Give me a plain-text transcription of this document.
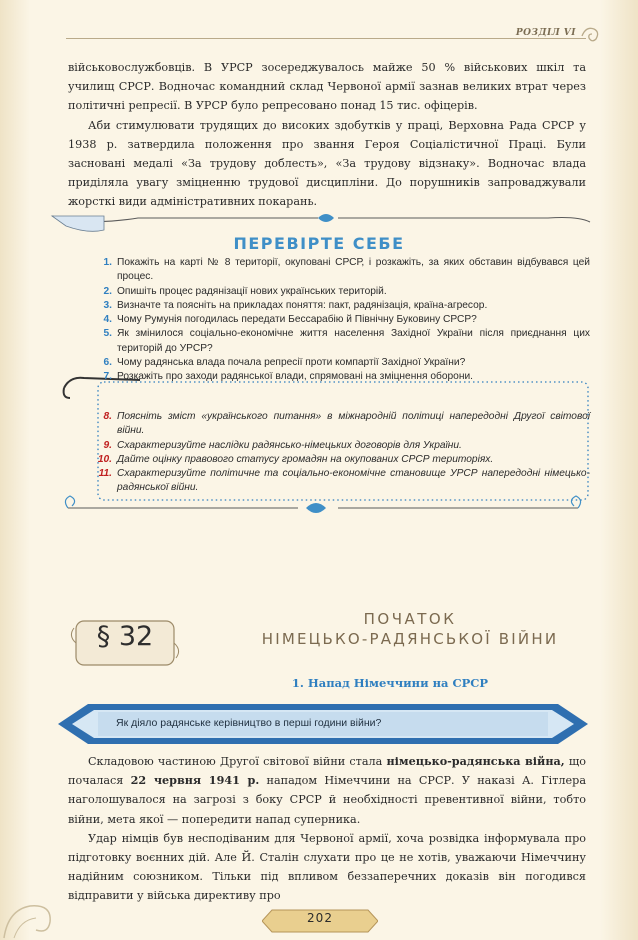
РОЗДІЛ VI

військовослужбовців. В УРСР зосереджувалось майже 50 % військових шкіл та училищ СРСР. Водночас командний склад Червоної армії зазнав великих втрат через політичні репресії. В УРСР було репресовано понад 15 тис. офіцерів.

Аби стимулювати трудящих до високих здобутків у праці, Верховна Рада СРСР у 1938 р. затвердила положення про звання Героя Соціалістичної Праці. Були засновані медалі «За трудову доблесть», «За трудову відзнаку». Водночас влада приділяла увагу зміцненню трудової дисципліни. До порушників запроваджували жорсткі види адміністративних покарань.

ПЕРЕВІРТЕ СЕБЕ
1. Покажіть на карті № 8 території, окуповані СРСР, і розкажіть, за яких обставин відбувався цей процес.
2. Опишіть процес радянізації нових українських територій.
3. Визначте та поясніть на прикладах поняття: пакт, радянізація, країна-агресор.
4. Чому Румунія погодилась передати Бессарабію й Північну Буковину СРСР?
5. Як змінилося соціально-економічне життя населення Західної України після приєднання цих територій до УРСР?
6. Чому радянська влада почала репресії проти компартії Західної України?
7. Розкажіть про заходи радянської влади, спрямовані на зміцнення оборони.
8. Поясніть зміст «українського питання» в міжнародній політиці напередодні Другої світової війни.
9. Схарактеризуйте наслідки радянсько-німецьких договорів для України.
10. Дайте оцінку правового статусу громадян на окупованих СРСР територіях.
11. Схарактеризуйте політичне та соціально-економічне становище УРСР напередодні німецько-радянської війни.
§ 32
ПОЧАТОК
НІМЕЦЬКО-РАДЯНСЬКОЇ ВІЙНИ
1. Напад Німеччини на СРСР
Як діяло радянське керівництво в перші години війни?

Складовою частиною Другої світової війни стала німецько-радянська війна, що почалася 22 червня 1941 р. нападом Німеччини на СРСР. У наказі А. Гітлера наголошувалося на загрозі з боку СРСР й необхідності превентивної війни, тобто війни, мета якої — попередити напад суперника.

Удар німців був несподіваним для Червоної армії, хоча розвідка інформувала про підготовку воєнних дій. Але Й. Сталін слухати про це не хотів, уважаючи Німеччину надійним союзником. Тільки під впливом беззаперечних доказів він погодився відправити у війська директиву про

202
